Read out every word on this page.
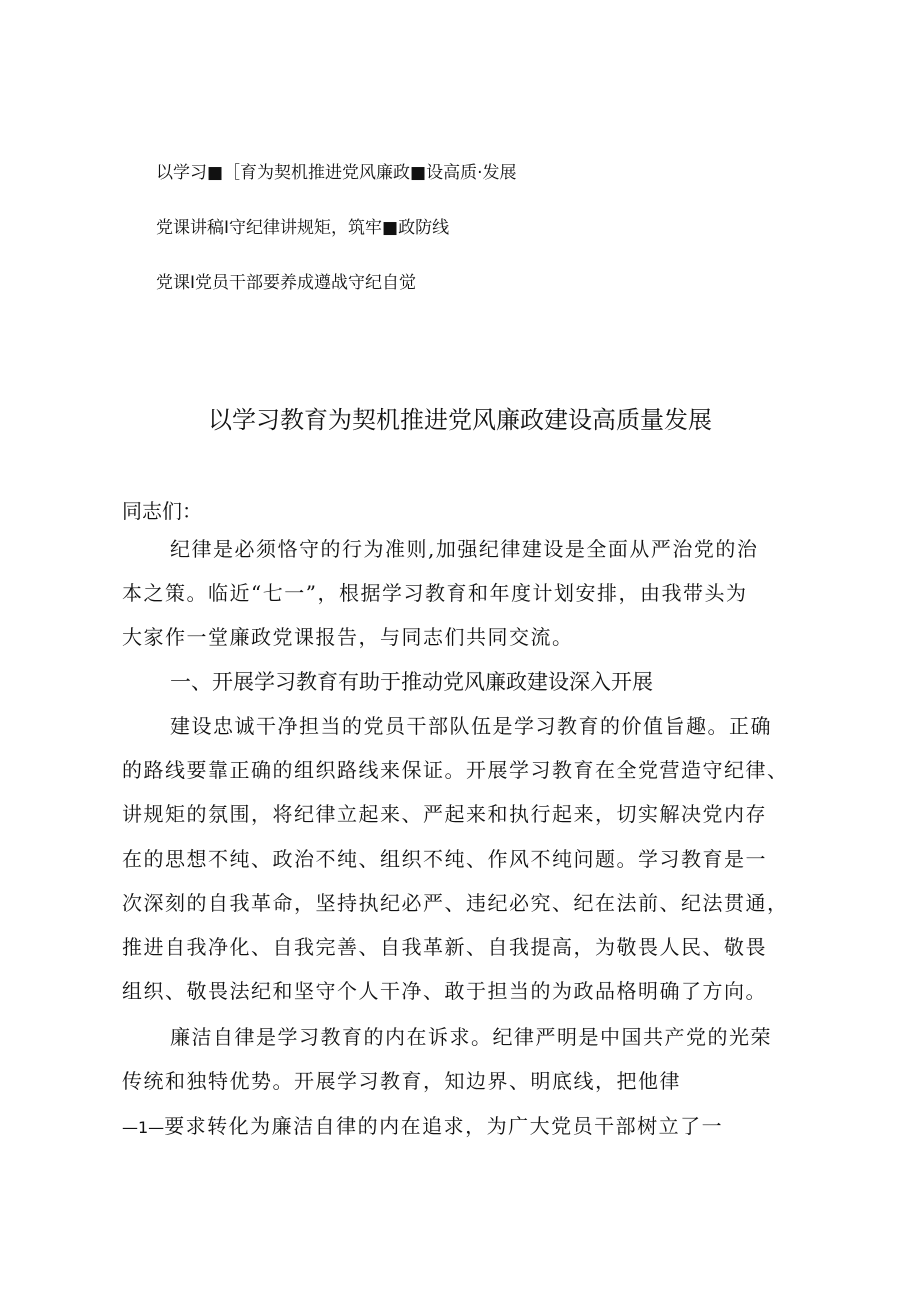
以学习■［育为契机推进党风廉政■设高质·发展
党课讲稿I守纪律讲规矩，筑牢■政防线
党课I党员干部要养成遵战守纪自觉
以学习教育为契机推进党风廉政建设高质量发展
同志们：
纪律是必须恪守的行为准则,加强纪律建设是全面从严治党的治
本之策。临近“七一”，根据学习教育和年度计划安排，由我带头为
大家作一堂廉政党课报告，与同志们共同交流。
一、开展学习教育有助于推动党风廉政建设深入开展
建设忠诚干净担当的党员干部队伍是学习教育的价值旨趣。正确
的路线要靠正确的组织路线来保证。开展学习教育在全党营造守纪律、
讲规矩的氛围，将纪律立起来、严起来和执行起来，切实解决党内存
在的思想不纯、政治不纯、组织不纯、作风不纯问题。学习教育是一
次深刻的自我革命，坚持执纪必严、违纪必究、纪在法前、纪法贯通，
推进自我净化、自我完善、自我革新、自我提高，为敬畏人民、敬畏
组织、敬畏法纪和坚守个人干净、敢于担当的为政品格明确了方向。
廉洁自律是学习教育的内在诉求。纪律严明是中国共产党的光荣
传统和独特优势。开展学习教育，知边界、明底线，把他律
—1—要求转化为廉洁自律的内在追求，为广大党员干部树立了一
